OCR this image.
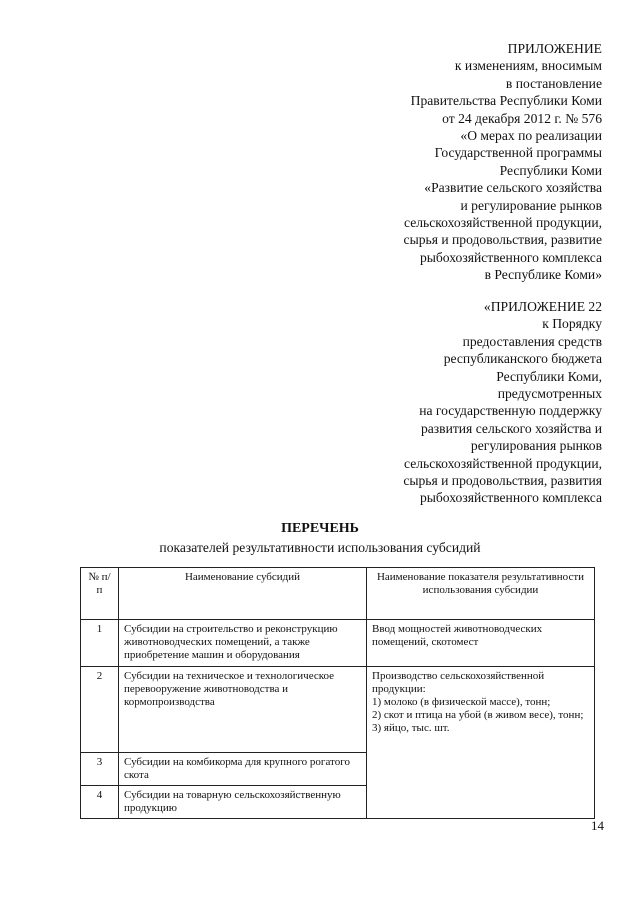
ПРИЛОЖЕНИЕ
к изменениям, вносимым
в постановление
Правительства Республики Коми
от 24 декабря 2012 г. № 576
«О мерах по реализации
Государственной программы
Республики Коми
«Развитие сельского хозяйства
и регулирование рынков
сельскохозяйственной продукции,
сырья и продовольствия, развитие
рыбохозяйственного комплекса
в Республике Коми»
«ПРИЛОЖЕНИЕ 22
к Порядку
предоставления средств
республиканского бюджета
Республики Коми,
предусмотренных
на государственную поддержку
развития сельского хозяйства и
регулирования рынков
сельскохозяйственной продукции,
сырья и продовольствия, развития
рыбохозяйственного комплекса
ПЕРЕЧЕНЬ
показателей результативности использования субсидий
№ п/п	Наименование субсидий	Наименование показателя результативности использования субсидии
1	Субсидии на строительство и реконструкцию животноводческих помещений, а также приобретение машин и оборудования	Ввод мощностей животноводческих помещений, скотомест
2	Субсидии на техническое и технологическое перевооружение животноводства и кормопроизводства	Производство сельскохозяйственной продукции:
1) молоко (в физической массе), тонн;
2) скот и птица на убой (в живом весе), тонн;
3) яйцо, тыс. шт.

3	Субсидии на комбикорма для крупного рогатого скота	
4	Субсидии на товарную сельскохозяйственную продукцию	
14
